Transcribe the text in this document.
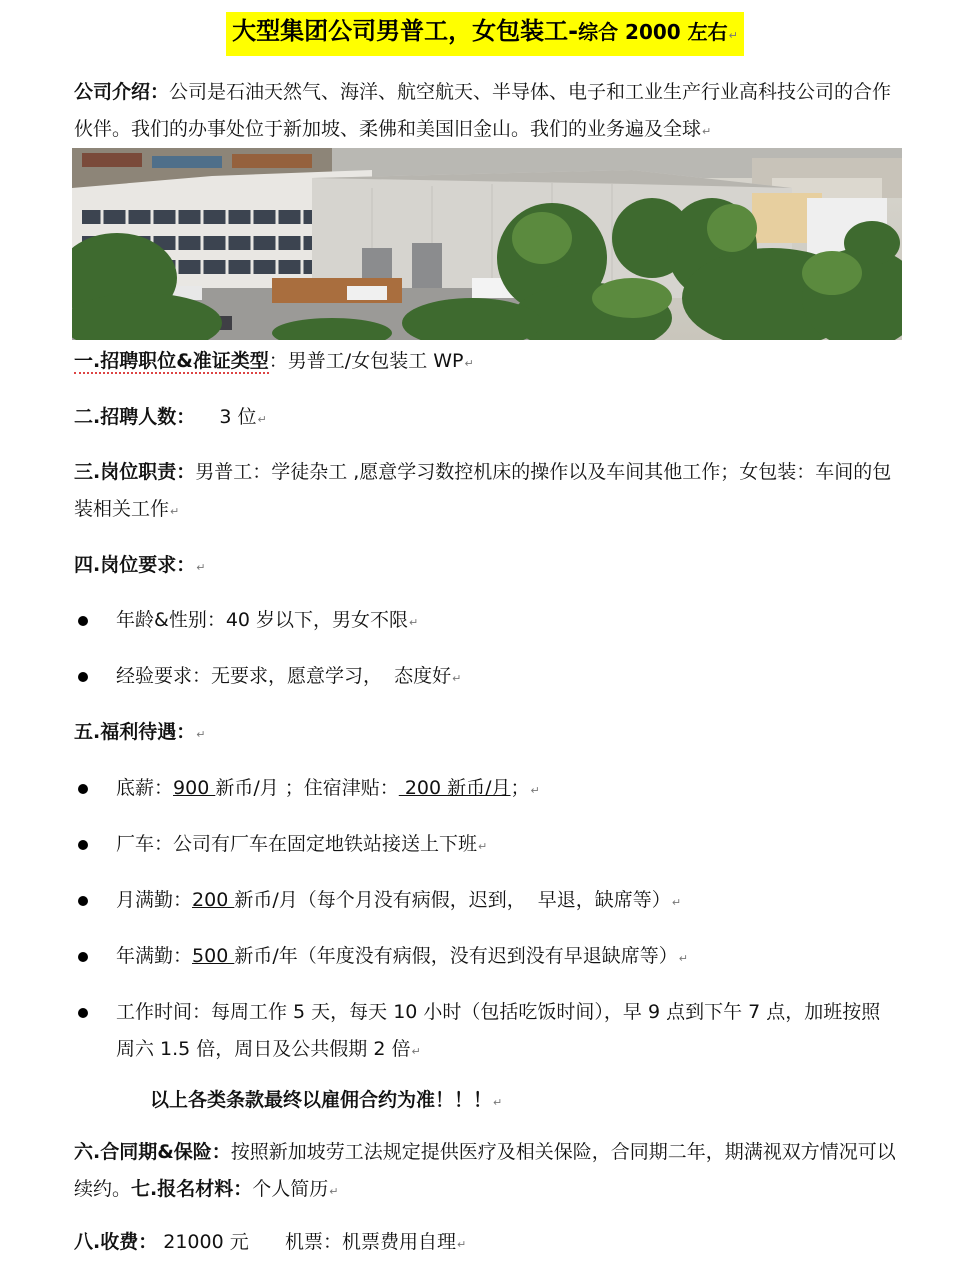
大型集团公司男普工，女包装工-综合 2000 左右↵
公司介绍：公司是石油天然气、海洋、航空航天、半导体、电子和工业生产行业高科技公司的合作伙伴。我们的办事处位于新加坡、柔佛和美国旧金山。我们的业务遍及全球↵
一.招聘职位&准证类型：男普工/女包装工 WP↵
二.招聘人数：    3 位↵
三.岗位职责：男普工：学徒杂工 ,愿意学习数控机床的操作以及车间其他工作；女包装：车间的包装相关工作↵
四.岗位要求：↵
年龄&性别：40 岁以下，男女不限↵
经验要求：无要求，愿意学习，  态度好↵
五.福利待遇：↵
底薪：900 新币/月 ；住宿津贴： 200 新币/月；↵
厂车：公司有厂车在固定地铁站接送上下班↵
月满勤：200 新币/月（每个月没有病假，迟到，  早退，缺席等）↵
年满勤：500 新币/年（年度没有病假，没有迟到没有早退缺席等）↵
工作时间：每周工作 5 天，每天 10 小时（包括吃饭时间），早 9 点到下午 7 点，加班按照周六 1.5 倍，周日及公共假期 2 倍↵
以上各类条款最终以雇佣合约为准！！！↵
六.合同期&保险：按照新加坡劳工法规定提供医疗及相关保险，合同期二年，期满视双方情况可以续约。七.报名材料：个人简历↵
八.收费： 21000 元      机票：机票费用自理↵
